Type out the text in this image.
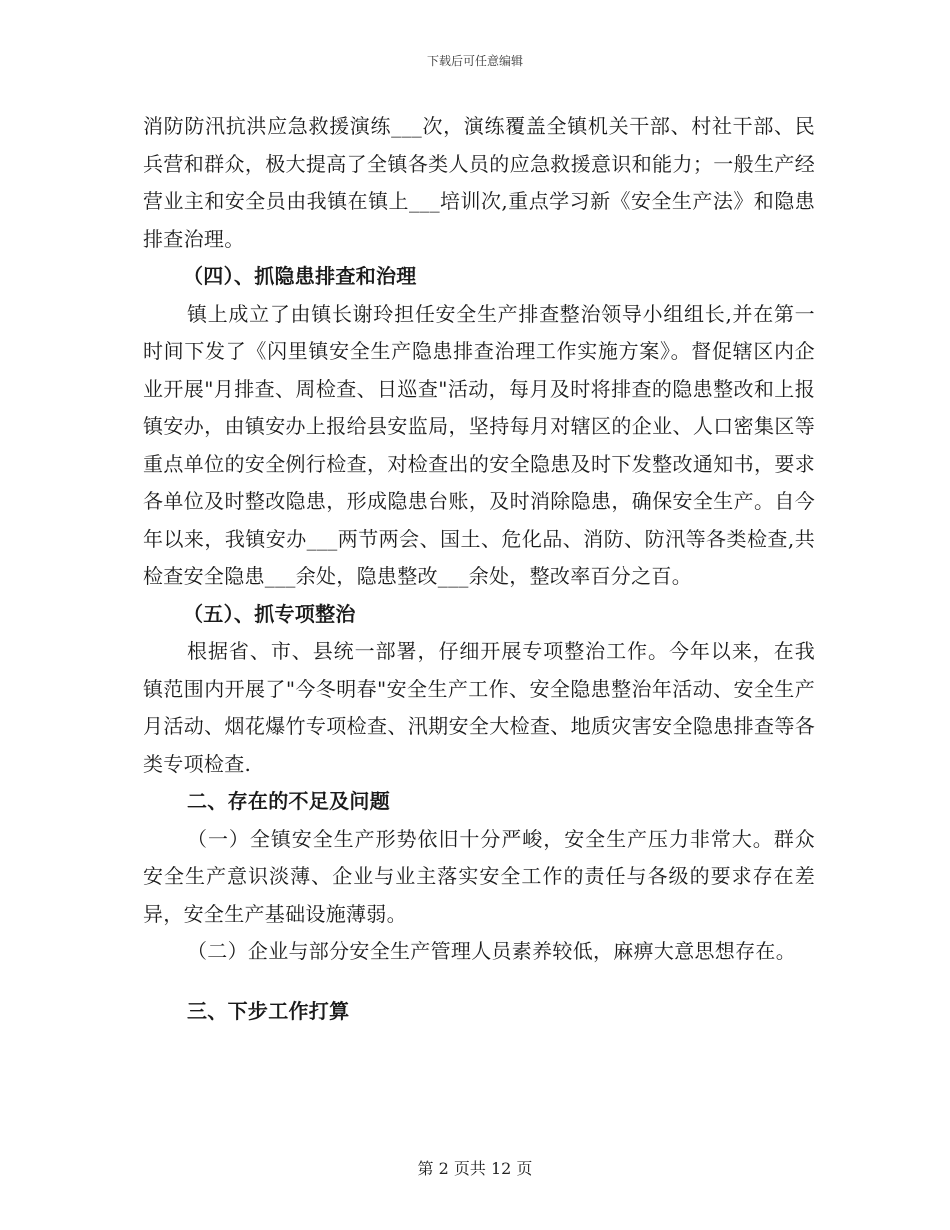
下载后可任意编辑

消防防汛抗洪应急救援演练___次，演练覆盖全镇机关干部、村社干部、民兵营和群众，极大提高了全镇各类人员的应急救援意识和能力；一般生产经营业主和安全员由我镇在镇上___培训次,重点学习新《安全生产法》和隐患排查治理。

（四）、抓隐患排查和治理

镇上成立了由镇长谢玲担任安全生产排查整治领导小组组长,并在第一时间下发了《闪里镇安全生产隐患排查治理工作实施方案》。督促辖区内企业开展"月排查、周检查、日巡查"活动，每月及时将排查的隐患整改和上报镇安办，由镇安办上报给县安监局，坚持每月对辖区的企业、人口密集区等重点单位的安全例行检查，对检查出的安全隐患及时下发整改通知书，要求各单位及时整改隐患，形成隐患台账，及时消除隐患，确保安全生产。自今年以来，我镇安办___两节两会、国土、危化品、消防、防汛等各类检查,共检查安全隐患___余处，隐患整改___余处，整改率百分之百。

（五）、抓专项整治

根据省、市、县统一部署，仔细开展专项整治工作。今年以来，在我镇范围内开展了"今冬明春"安全生产工作、安全隐患整治年活动、安全生产月活动、烟花爆竹专项检查、汛期安全大检查、地质灾害安全隐患排查等各类专项检查.

二、存在的不足及问题

（一）全镇安全生产形势依旧十分严峻，安全生产压力非常大。群众安全生产意识淡薄、企业与业主落实安全工作的责任与各级的要求存在差异，安全生产基础设施薄弱。

（二）企业与部分安全生产管理人员素养较低，麻痹大意思想存在。

三、下步工作打算

第 2 页共 12 页
